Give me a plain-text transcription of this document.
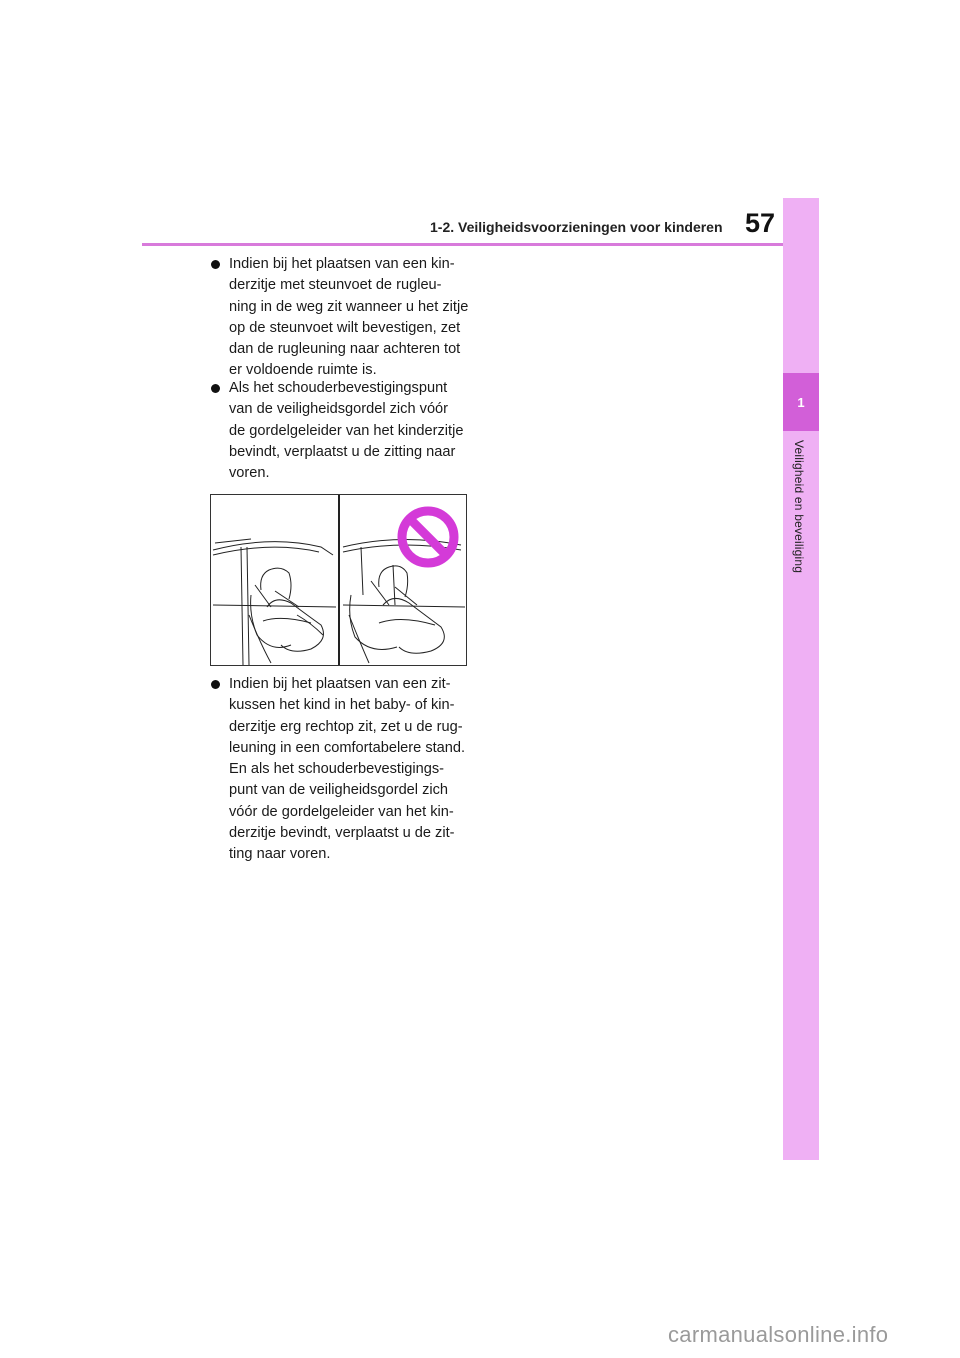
1
Veiligheid en beveiliging
1-2. Veiligheidsvoorzieningen voor kinderen 57
Indien bij het plaatsen van een kin-
derzitje met steunvoet de rugleu-
ning in de weg zit wanneer u het zitje
op de steunvoet wilt bevestigen, zet
dan de rugleuning naar achteren tot
er voldoende ruimte is.
Als het schouderbevestigingspunt
van de veiligheidsgordel zich vóór
de gordelgeleider van het kinderzitje
bevindt, verplaatst u de zitting naar
voren.
Indien bij het plaatsen van een zit-
kussen het kind in het baby- of kin-
derzitje erg rechtop zit, zet u de rug-
leuning in een comfortabelere stand.
En als het schouderbevestigings-
punt van de veiligheidsgordel zich
vóór de gordelgeleider van het kin-
derzitje bevindt, verplaatst u de zit-
ting naar voren.
carmanualsonline.info
